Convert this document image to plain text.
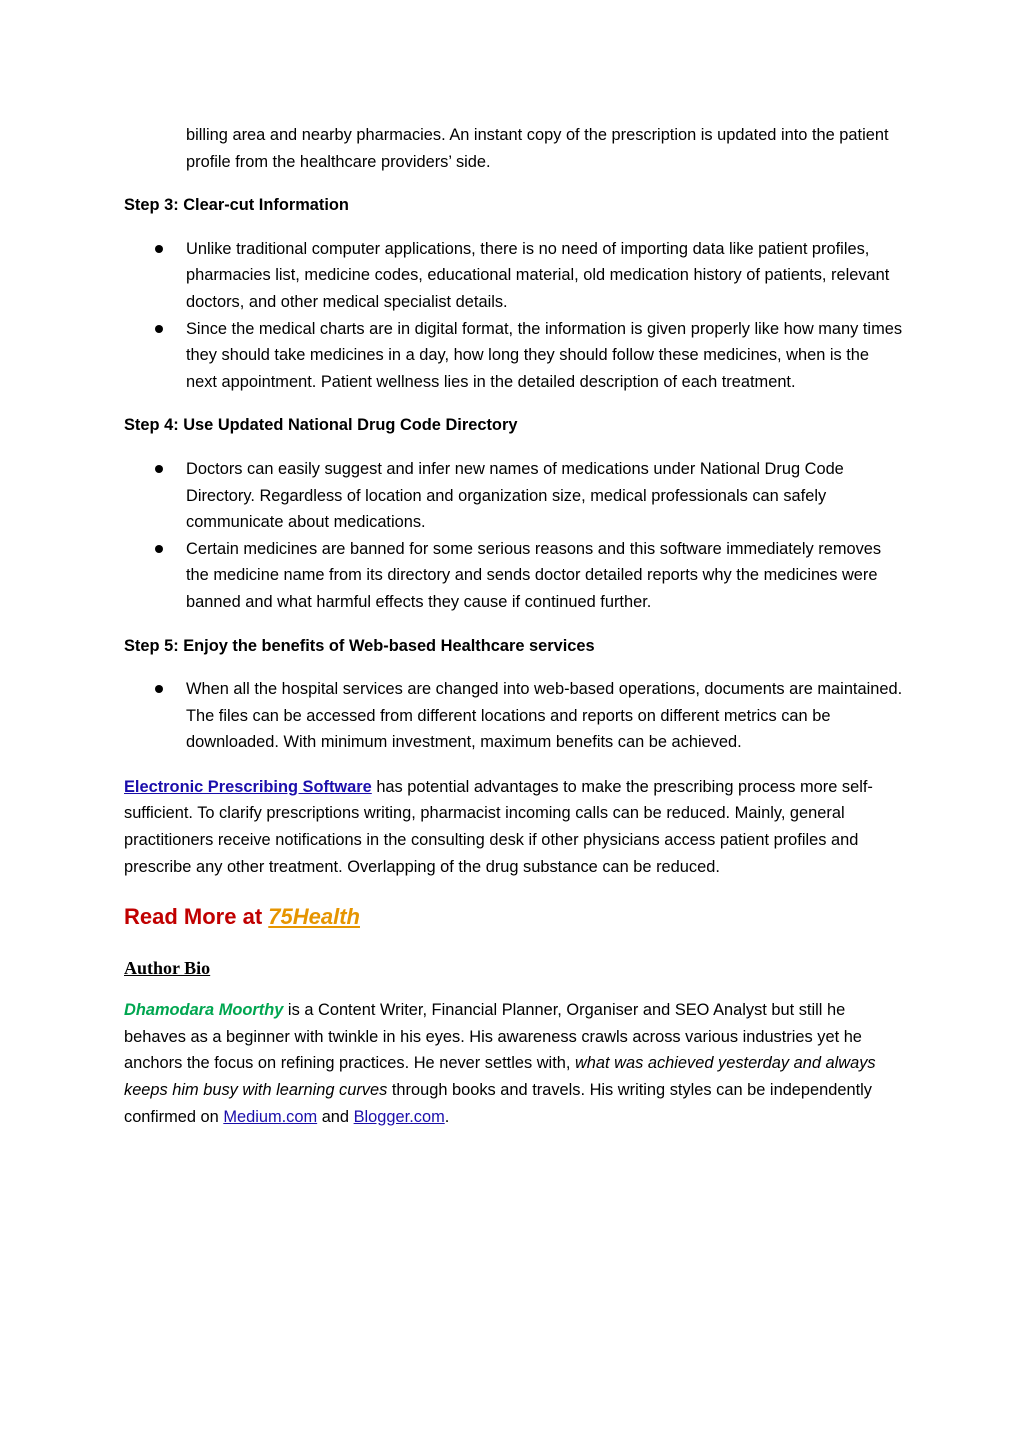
billing area and nearby pharmacies. An instant copy of the prescription is updated into the patient profile from the healthcare providers’ side.

Step 3: Clear-cut Information

Unlike traditional computer applications, there is no need of importing data like patient profiles, pharmacies list, medicine codes, educational material, old medication history of patients, relevant doctors, and other medical specialist details.
Since the medical charts are in digital format, the information is given properly like how many times they should take medicines in a day, how long they should follow these medicines, when is the next appointment. Patient wellness lies in the detailed description of each treatment.

Step 4: Use Updated National Drug Code Directory

Doctors can easily suggest and infer new names of medications under National Drug Code Directory. Regardless of location and organization size, medical professionals can safely communicate about medications.
Certain medicines are banned for some serious reasons and this software immediately removes the medicine name from its directory and sends doctor detailed reports why the medicines were banned and what harmful effects they cause if continued further.

Step 5: Enjoy the benefits of Web-based Healthcare services

When all the hospital services are changed into web-based operations, documents are maintained. The files can be accessed from different locations and reports on different metrics can be downloaded. With minimum investment, maximum benefits can be achieved.

Electronic Prescribing Software has potential advantages to make the prescribing process more self-sufficient. To clarify prescriptions writing, pharmacist incoming calls can be reduced. Mainly, general practitioners receive notifications in the consulting desk if other physicians access patient profiles and prescribe any other treatment. Overlapping of the drug substance can be reduced.

Read More at 75Health

Author Bio

Dhamodara Moorthy is a Content Writer, Financial Planner, Organiser and SEO Analyst but still he behaves as a beginner with twinkle in his eyes. His awareness crawls across various industries yet he anchors the focus on refining practices. He never settles with, what was achieved yesterday and always keeps him busy with learning curves through books and travels. His writing styles can be independently confirmed on Medium.com and Blogger.com.
